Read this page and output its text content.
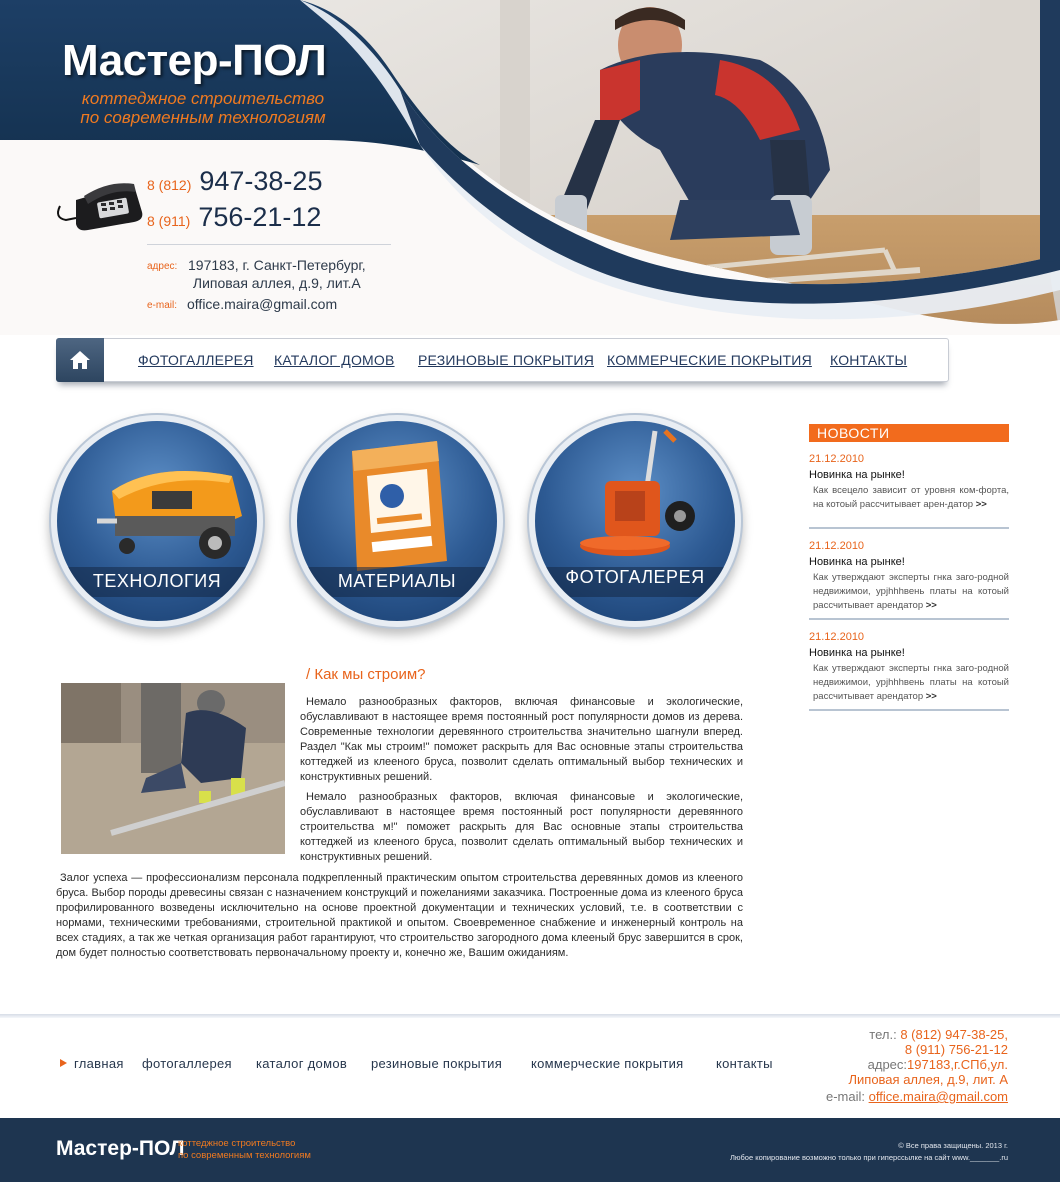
Мастер-ПОЛ
коттеджное строительство
по современным технологиям
8 (812) 947-38-25
8 (911) 756-21-12
адрес: 197183, г. Санкт-Петербург,
Липовая аллея, д.9, лит.А
e-mail: office.maira@gmail.com
ФОТОГАЛЛЕРЕЯ КАТАЛОГ ДОМОВ РЕЗИНОВЫЕ ПОКРЫТИЯ КОММЕРЧЕСКИЕ ПОКРЫТИЯ КОНТАКТЫ
ТЕХНОЛОГИЯ	МАТЕРИАЛЫ	ФОТОГАЛЕРЕЯ
НОВОСТИ
21.12.2010
Новинка на рынке!
Как всецело зависит от уровня ком-форта, на котоый рассчитывает арен-датор >>
21.12.2010
Новинка на рынке!
Как утверждают эксперты гнка заго-родной недвижимои, урjhhhвень платы на котоый рассчитывает арендатор >>
21.12.2010
Новинка на рынке!
Как утверждают эксперты гнка заго-родной недвижимои, урjhhhвень платы на котоый рассчитывает арендатор >>
/ Как мы строим?
Немало разнообразных факторов, включая финансовые и экологические, обуславливают в настоящее время постоянный рост популярности домов из дерева. Современные технологии деревянного строительства значительно шагнули вперед. Раздел "Как мы строим!" поможет раскрыть для Вас основные этапы строительства коттеджей из клееного бруса, позволит сделать оптимальный выбор технических и конструктивных решений.
Немало разнообразных факторов, включая финансовые и экологические, обуславливают в настоящее время постоянный рост популярности деревянного строительства м!" поможет раскрыть для Вас основные этапы строительства коттеджей из клееного бруса, позволит сделать оптимальный выбор технических и конструктивных решений.
Залог успеха — профессионализм персонала подкрепленный практическим опытом строительства деревянных домов из клееного бруса. Выбор породы древесины связан с назначением конструкций и пожеланиями заказчика. Построенные дома из клееного бруса профилированного возведены исключительно на основе проектной документации и технических условий, т.е. в соответствии с нормами, техническими требованиями, строительной практикой и опытом. Своевременное снабжение и инженерный контроль на всех стадиях, а так же четкая организация работ гарантируют, что строительство загородного дома клееный брус завершится в срок, дом будет полностью соответствовать первоначальному проекту и, конечно же, Вашим ожиданиям.
главная фотогаллерея каталог домов резиновые покрытия коммерческие покрытия	контакты
тел.: 8 (812) 947-38-25,
8 (911) 756-21-12
адрес:197183,г.СПб,ул.
Липовая аллея, д.9, лит. А
e-mail: office.maira@gmail.com
Мастер-ПОЛ
коттеджное строительство
по современным технологиям
© Все права защищены. 2013 г.
Любое копирование возможно только при гиперссылке на сайт www._______.ru
